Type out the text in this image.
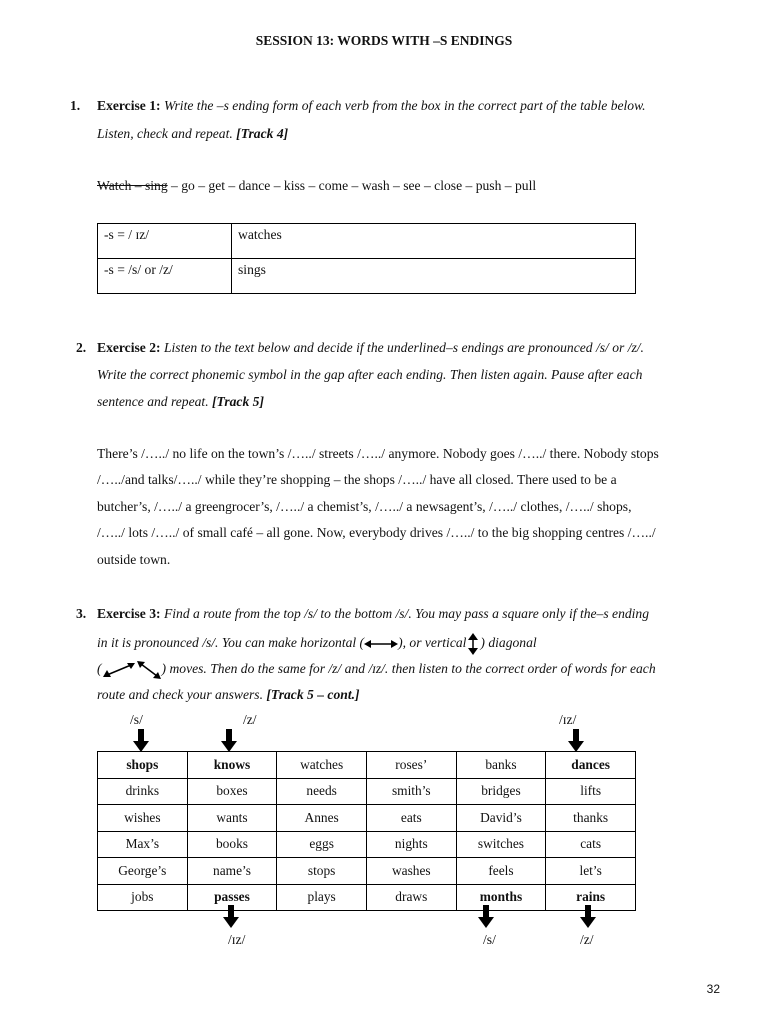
SESSION 13: WORDS WITH –S ENDINGS
1. Exercise 1: Write the –s ending form of each verb from the box in the correct part of the table below.
Listen, check and repeat. [Track 4]
Watch – sing – go – get – dance – kiss – come – wash – see – close – push – pull
-s = / ɪz/	watches
-s = /s/ or /z/	sings
2. Exercise 2: Listen to the text below and decide if the underlined–s endings are pronounced /s/ or /z/.
Write the correct phonemic symbol in the gap after each ending. Then listen again. Pause after each
sentence and repeat. [Track 5]
There’s /…../ no life on the town’s /…../ streets /…../ anymore. Nobody goes /…../ there. Nobody stops
/…../and talks/…../ while they’re shopping – the shops /…../ have all closed. There used to be a
butcher’s, /…../ a greengrocer’s, /…../ a chemist’s, /…../ a newsagent’s, /…../ clothes, /…../ shops,
/…../ lots /…../ of small café – all gone. Now, everybody drives /…../ to the big shopping centres /…../
outside town.
3. Exercise 3: Find a route from the top /s/ to the bottom /s/. You may pass a square only if the–s ending
in it is pronounced /s/. You can make horizontal (	), or vertical ) diagonal
(	) moves. Then do the same for /z/ and /ɪz/. then listen to the correct order of words for each
route and check your answers. [Track 5 – cont.]
/s/	/z/	/ɪz/
shops	knows	watches	roses’	banks	dances
drinks	boxes	needs	smith’s	bridges	lifts
wishes	wants	Annes	eats	David’s	thanks
Max’s	books	eggs	nights	switches	cats
George’s	name’s	stops	washes	feels	let’s
jobs	passes	plays	draws	months	rains
/ɪz/	/s/	/z/
32
